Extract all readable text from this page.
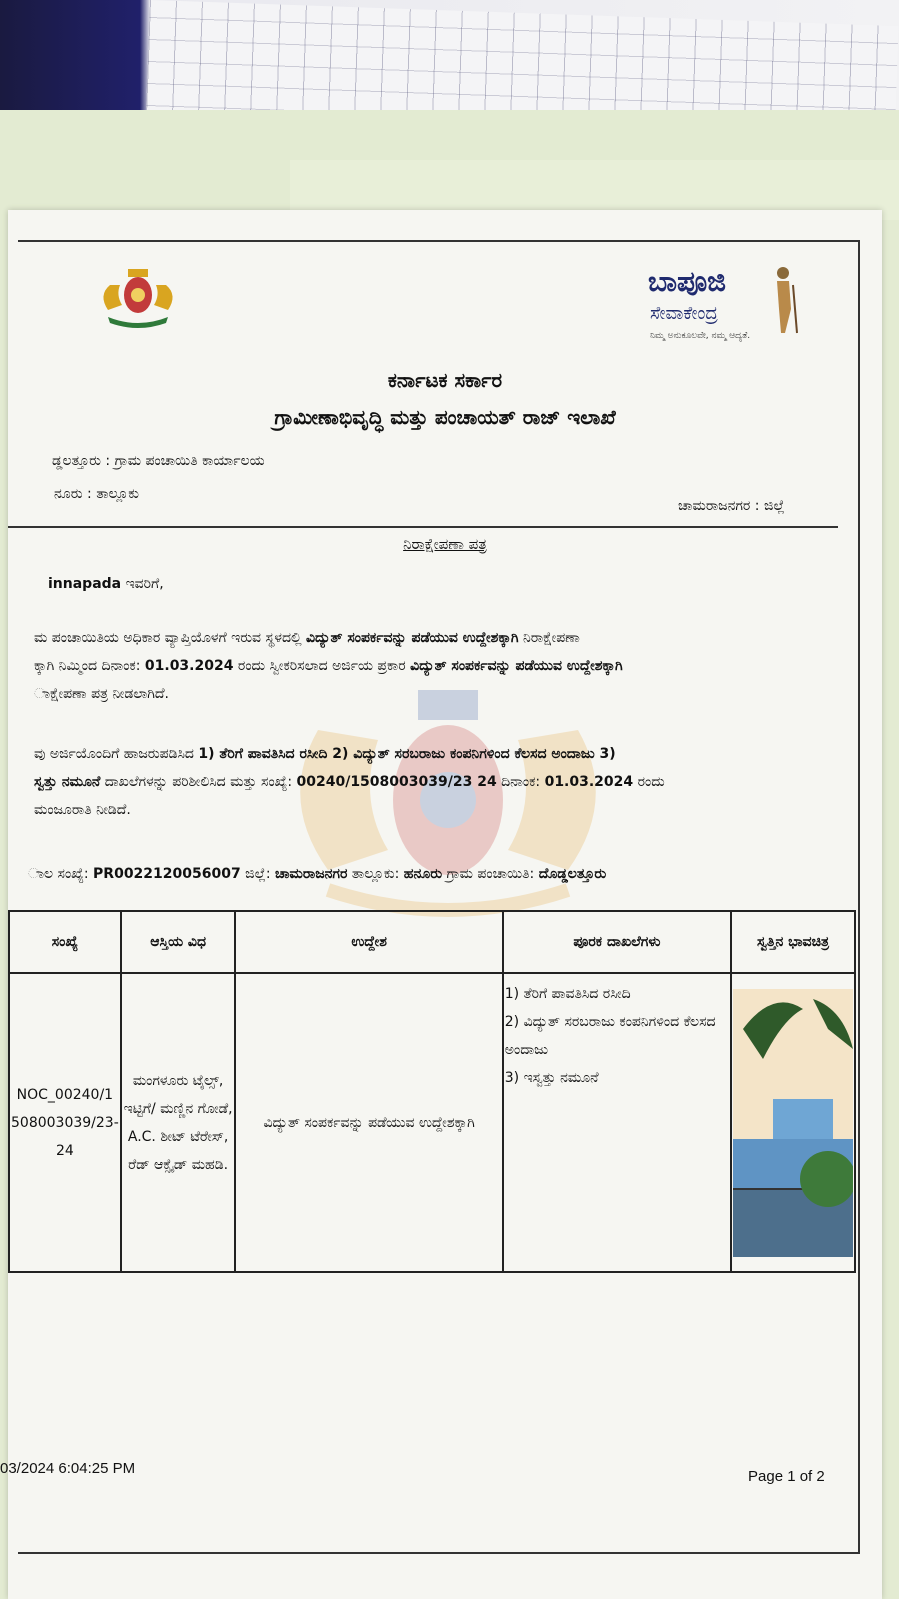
ಬಾಪೂಜಿ
ಸೇವಾಕೇಂದ್ರ
ನಿಮ್ಮ ಅನುಕೂಲವೇ, ನಮ್ಮ ಆದ್ಯತೆ.
ಕರ್ನಾಟಕ ಸರ್ಕಾರ
ಗ್ರಾಮೀಣಾಭಿವೃದ್ಧಿ ಮತ್ತು ಪಂಚಾಯತ್ ರಾಜ್ ಇಲಾಖೆ
ಡ್ಡಲತ್ತೂರು : ಗ್ರಾಮ ಪಂಚಾಯಿತಿ ಕಾರ್ಯಾಲಯ
ನೂರು : ತಾಲ್ಲೂಕು
ಚಾಮರಾಜನಗರ : ಜಿಲ್ಲೆ
ನಿರಾಕ್ಷೇಪಣಾ ಪತ್ರ
innapada ಇವರಿಗೆ,
ಮ ಪಂಚಾಯಿತಿಯ ಅಧಿಕಾರ ವ್ಯಾಪ್ತಿಯೊಳಗೆ ಇರುವ ಸ್ಥಳದಲ್ಲಿ ವಿದ್ಯುತ್ ಸಂಪರ್ಕವನ್ನು ಪಡೆಯುವ ಉದ್ದೇಶಕ್ಕಾಗಿ ನಿರಾಕ್ಷೇಪಣಾ
ಕ್ಕಾಗಿ ನಿಮ್ಮಿಂದ ದಿನಾಂಕ: 01.03.2024 ರಂದು ಸ್ವೀಕರಿಸಲಾದ ಅರ್ಜಿಯ ಪ್ರಕಾರ ವಿದ್ಯುತ್ ಸಂಪರ್ಕವನ್ನು ಪಡೆಯುವ ಉದ್ದೇಶಕ್ಕಾಗಿ
ಾಕ್ಷೇಪಣಾ ಪತ್ರ ನೀಡಲಾಗಿದೆ.
ವು ಅರ್ಜಿಯೊಂದಿಗೆ ಹಾಜರುಪಡಿಸಿದ 1) ತೆರಿಗೆ ಪಾವತಿಸಿದ ರಸೀದಿ 2) ವಿದ್ಯುತ್ ಸರಬರಾಜು ಕಂಪನಿಗಳಿಂದ ಕೆಲಸದ ಅಂದಾಜು 3)
ಸ್ವತ್ತು ನಮೂನೆ ದಾಖಲೆಗಳನ್ನು ಪರಿಶೀಲಿಸಿದ ಮತ್ತು ಸಂಖ್ಯೆ: 00240/1508003039/23 24 ದಿನಾಂಕ: 01.03.2024 ರಂದು
ಮಂಜೂರಾತಿ ನೀಡಿದೆ.
ಾಲ ಸಂಖ್ಯೆ: PR0022120056007 ಜಿಲ್ಲೆ: ಚಾಮರಾಜನಗರ ತಾಲ್ಲೂಕು: ಹನೂರು ಗ್ರಾಮ ಪಂಚಾಯಿತಿ: ದೊಡ್ಡಲತ್ತೂರು
ಸಂಖ್ಯೆ	ಆಸ್ತಿಯ ವಿಧ	ಉದ್ದೇಶ	ಪೂರಕ ದಾಖಲೆಗಳು	ಸ್ವತ್ತಿನ ಭಾವಚಿತ್ರ
NOC_00240/1 508003039/23- 24	ಮಂಗಳೂರು ಟೈಲ್ಸ್, ಇಟ್ಟಿಗೆ/ ಮಣ್ಣಿನ ಗೋಡೆ, A.C. ಶೀಟ್ ಟೆರೇಸ್, ರೆಡ್ ಆಕ್ಸೈಡ್ ಮಹಡಿ.	ವಿದ್ಯುತ್ ಸಂಪರ್ಕವನ್ನು ಪಡೆಯುವ ಉದ್ದೇಶಕ್ಕಾಗಿ	1) ತೆರಿಗೆ ಪಾವತಿಸಿದ ರಸೀದಿ
2) ವಿದ್ಯುತ್ ಸರಬರಾಜು ಕಂಪನಿಗಳಿಂದ ಕೆಲಸದ ಅಂದಾಜು
3) ಇಸ್ವತ್ತು ನಮೂನೆ

03/2024 6:04:25 PM	Page 1 of 2
